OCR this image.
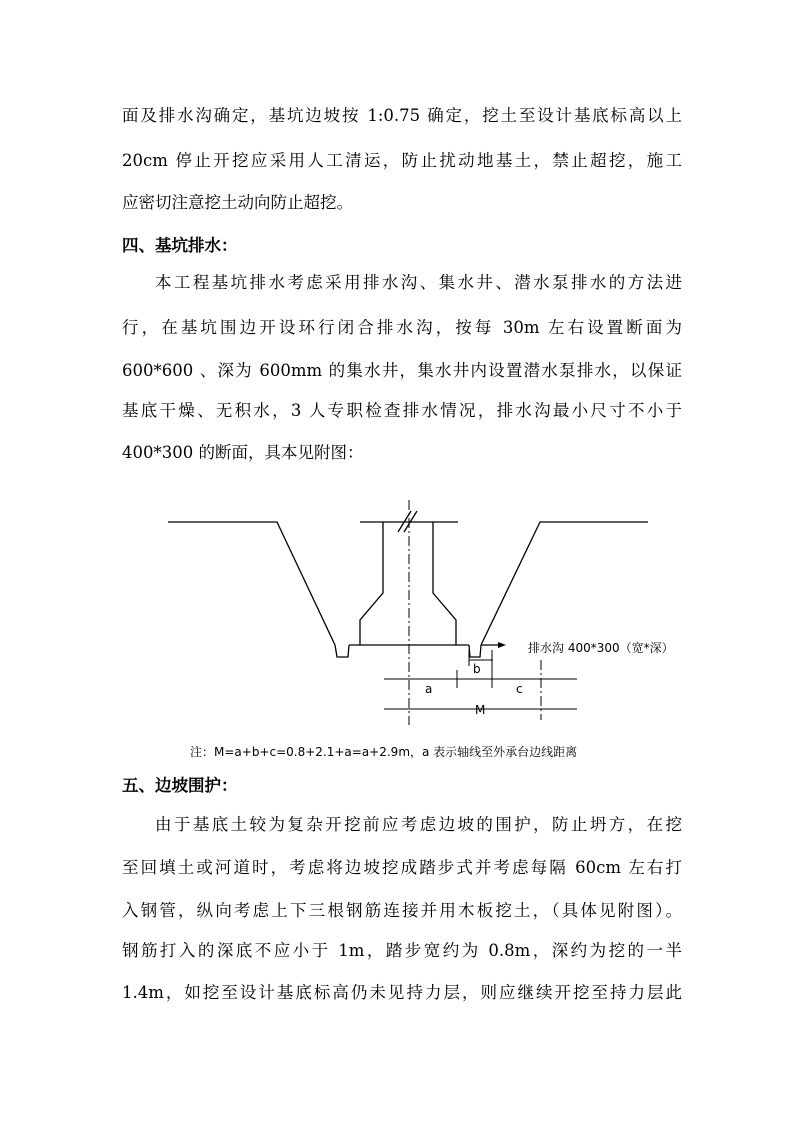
面及排水沟确定，基坑边坡按 1:0.75 确定，挖土至设计基底标高以上
20cm 停止开挖应采用人工清运，防止扰动地基土，禁止超挖，施工
应密切注意挖土动向防止超挖。
四、基坑排水：
本工程基坑排水考虑采用排水沟、集水井、潜水泵排水的方法进
行，在基坑围边开设环行闭合排水沟，按每 30m 左右设置断面为
600*600 、深为 600mm 的集水井，集水井内设置潜水泵排水，以保证
基底干燥、无积水，3 人专职检查排水情况，排水沟最小尺寸不小于
400*300 的断面，具本见附图：
排水沟 400*300（宽*深）
b
a	c
M
注：M=a+b+c=0.8+2.1+a=a+2.9m，a 表示轴线至外承台边线距离
五、边坡围护：
由于基底土较为复杂开挖前应考虑边坡的围护，防止坍方，在挖
至回填土或河道时，考虑将边坡挖成踏步式并考虑每隔 60cm 左右打
入钢管，纵向考虑上下三根钢筋连接并用木板挖土，（具体见附图）。
钢筋打入的深底不应小于 1m，踏步宽约为 0.8m，深约为挖的一半
1.4m，如挖至设计基底标高仍未见持力层，则应继续开挖至持力层此
